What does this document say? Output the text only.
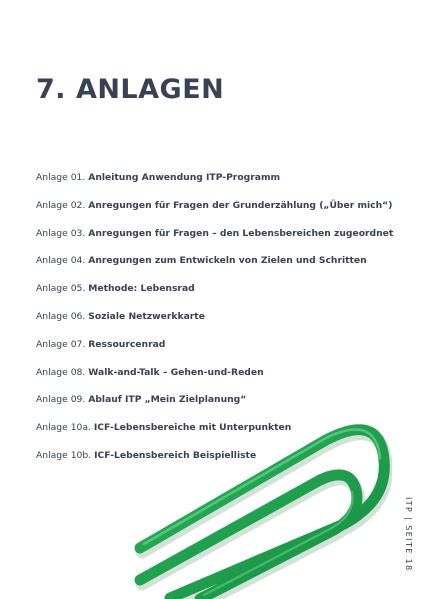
7. ANLAGEN
Anlage 01. Anleitung Anwendung ITP-Programm
Anlage 02. Anregungen für Fragen der Grunderzählung („Über mich“)
Anlage 03. Anregungen für Fragen – den Lebensbereichen zugeordnet
Anlage 04. Anregungen zum Entwickeln von Zielen und Schritten
Anlage 05. Methode: Lebensrad
Anlage 06. Soziale Netzwerkkarte
Anlage 07. Ressourcenrad
Anlage 08. Walk-and-Talk – Gehen-und-Reden
Anlage 09. Ablauf ITP „Mein Zielplanung“
Anlage 10a. ICF-Lebensbereiche mit Unterpunkten
Anlage 10b. ICF-Lebensbereich Beispielliste
ITP | SEITE 18
